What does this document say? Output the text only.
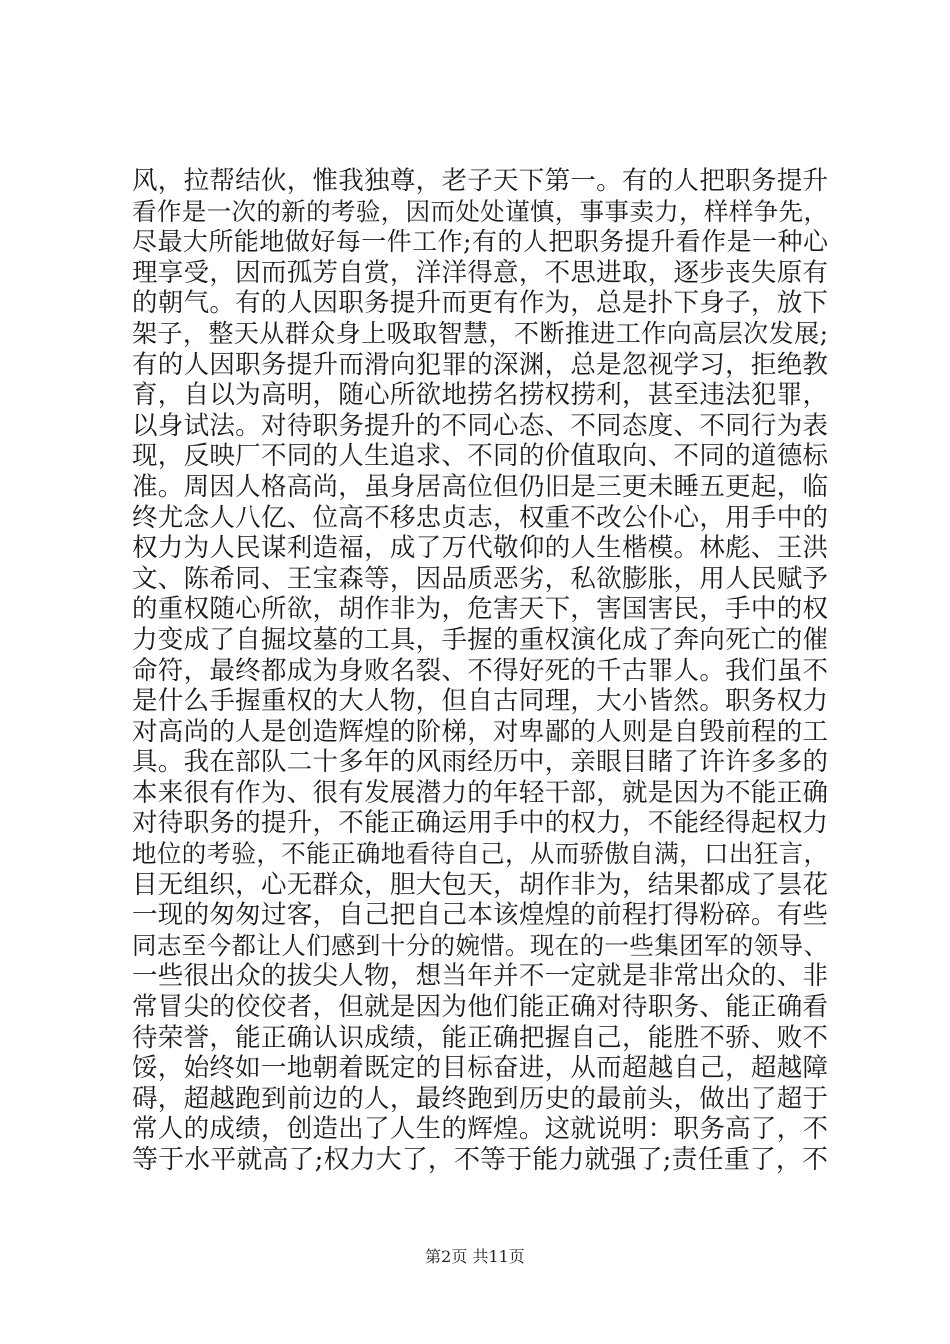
风，拉帮结伙，惟我独尊，老子天下第一。有的人把职务提升
看作是一次的新的考验，因而处处谨慎，事事卖力，样样争先，
尽最大所能地做好每一件工作;有的人把职务提升看作是一种心
理享受，因而孤芳自赏，洋洋得意，不思进取，逐步丧失原有
的朝气。有的人因职务提升而更有作为，总是扑下身子，放下
架子，整天从群众身上吸取智慧，不断推进工作向高层次发展;
有的人因职务提升而滑向犯罪的深渊，总是忽视学习，拒绝教
育，自以为高明，随心所欲地捞名捞权捞利，甚至违法犯罪，
以身试法。对待职务提升的不同心态、不同态度、不同行为表
现，反映厂不同的人生追求、不同的价值取向、不同的道德标
准。周因人格高尚，虽身居高位但仍旧是三更未睡五更起，临
终尤念人八亿、位高不移忠贞志，权重不改公仆心，用手中的
权力为人民谋利造福，成了万代敬仰的人生楷模。林彪、王洪
文、陈希同、王宝森等，因品质恶劣，私欲膨胀，用人民赋予
的重权随心所欲，胡作非为，危害天下，害国害民，手中的权
力变成了自掘坟墓的工具，手握的重权演化成了奔向死亡的催
命符，最终都成为身败名裂、不得好死的千古罪人。我们虽不
是什么手握重权的大人物，但自古同理，大小皆然。职务权力
对高尚的人是创造辉煌的阶梯，对卑鄙的人则是自毁前程的工
具。我在部队二十多年的风雨经历中，亲眼目睹了许许多多的
本来很有作为、很有发展潜力的年轻干部，就是因为不能正确
对待职务的提升，不能正确运用手中的权力，不能经得起权力
地位的考验，不能正确地看待自己，从而骄傲自满，口出狂言，
目无组织，心无群众，胆大包天，胡作非为，结果都成了昙花
一现的匆匆过客，自己把自己本该煌煌的前程打得粉碎。有些
同志至今都让人们感到十分的婉惜。现在的一些集团军的领导、
一些很出众的拔尖人物，想当年并不一定就是非常出众的、非
常冒尖的佼佼者，但就是因为他们能正确对待职务、能正确看
待荣誉，能正确认识成绩，能正确把握自己，能胜不骄、败不
馁，始终如一地朝着既定的目标奋进，从而超越自己，超越障
碍，超越跑到前边的人，最终跑到历史的最前头，做出了超于
常人的成绩，创造出了人生的辉煌。这就说明：职务高了，不
等于水平就高了;权力大了，不等于能力就强了;责任重了，不
第2页 共11页
